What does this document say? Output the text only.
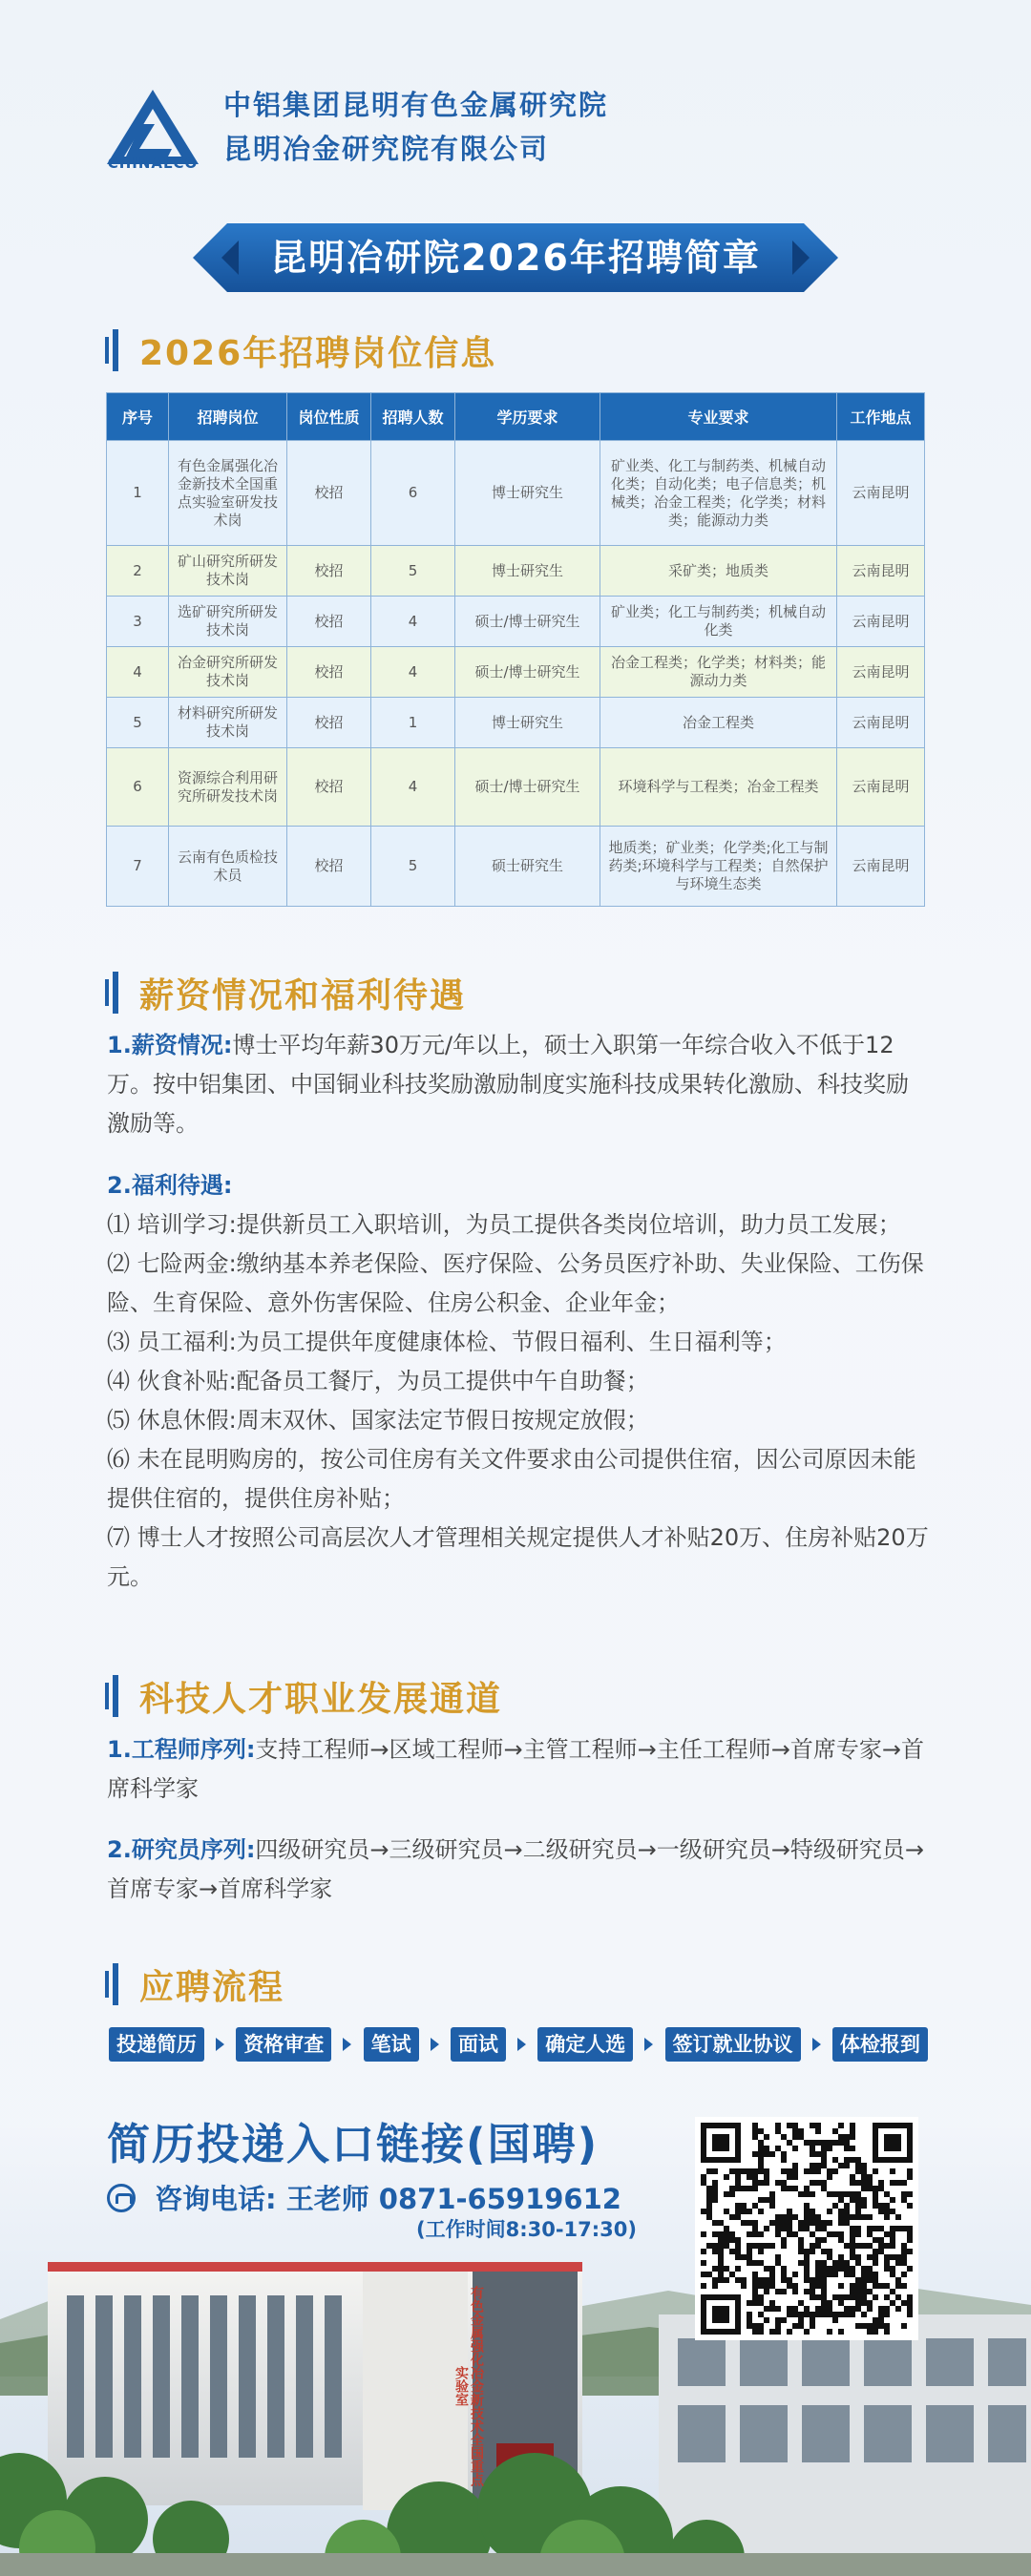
CHINALCO
中铝集团昆明有色金属研究院
昆明冶金研究院有限公司
昆明冶研院2026年招聘简章
2026年招聘岗位信息
序号	招聘岗位	岗位性质	招聘人数	学历要求	专业要求	工作地点
1	有色金属强化冶金新技术全国重点实验室研发技术岗	校招	6	博士研究生	矿业类、化工与制药类、机械自动化类；自动化类；电子信息类；机械类；冶金工程类；化学类；材料类；能源动力类	云南昆明
2	矿山研究所研发技术岗	校招	5	博士研究生	采矿类；地质类	云南昆明
3	选矿研究所研发技术岗	校招	4	硕士/博士研究生	矿业类；化工与制药类；机械自动化类	云南昆明
4	冶金研究所研发技术岗	校招	4	硕士/博士研究生	冶金工程类；化学类；材料类；能源动力类	云南昆明
5	材料研究所研发技术岗	校招	1	博士研究生	冶金工程类	云南昆明
6	资源综合利用研究所研发技术岗	校招	4	硕士/博士研究生	环境科学与工程类；冶金工程类	云南昆明
7	云南有色质检技术员	校招	5	硕士研究生	地质类；矿业类；化学类;化工与制药类;环境科学与工程类；自然保护与环境生态类	云南昆明
薪资情况和福利待遇
1.薪资情况:博士平均年薪30万元/年以上，硕士入职第一年综合收入不低于12万。按中铝集团、中国铜业科技奖励激励制度实施科技成果转化激励、科技奖励激励等。
2.福利待遇:
⑴ 培训学习:提供新员工入职培训，为员工提供各类岗位培训，助力员工发展；
⑵ 七险两金:缴纳基本养老保险、医疗保险、公务员医疗补助、失业保险、工伤保险、生育保险、意外伤害保险、住房公积金、企业年金；
⑶ 员工福利:为员工提供年度健康体检、节假日福利、生日福利等；
⑷ 伙食补贴:配备员工餐厅，为员工提供中午自助餐；
⑸ 休息休假:周末双休、国家法定节假日按规定放假；
⑹ 未在昆明购房的，按公司住房有关文件要求由公司提供住宿，因公司原因未能提供住宿的，提供住房补贴；
⑺ 博士人才按照公司高层次人才管理相关规定提供人才补贴20万、住房补贴20万元。
科技人才职业发展通道
1.工程师序列:支持工程师→区域工程师→主管工程师→主任工程师→首席专家→首席科学家
2.研究员序列:四级研究员→三级研究员→二级研究员→一级研究员→特级研究员→首席专家→首席科学家
应聘流程
投递简历	资格审查	笔试	面试	确定人选	签订就业协议	体检报到
有色金属强化冶金新技术全国重点实验室
简历投递入口链接(国聘)
咨询电话: 王老师 0871-65919612
(工作时间8:30-17:30)
